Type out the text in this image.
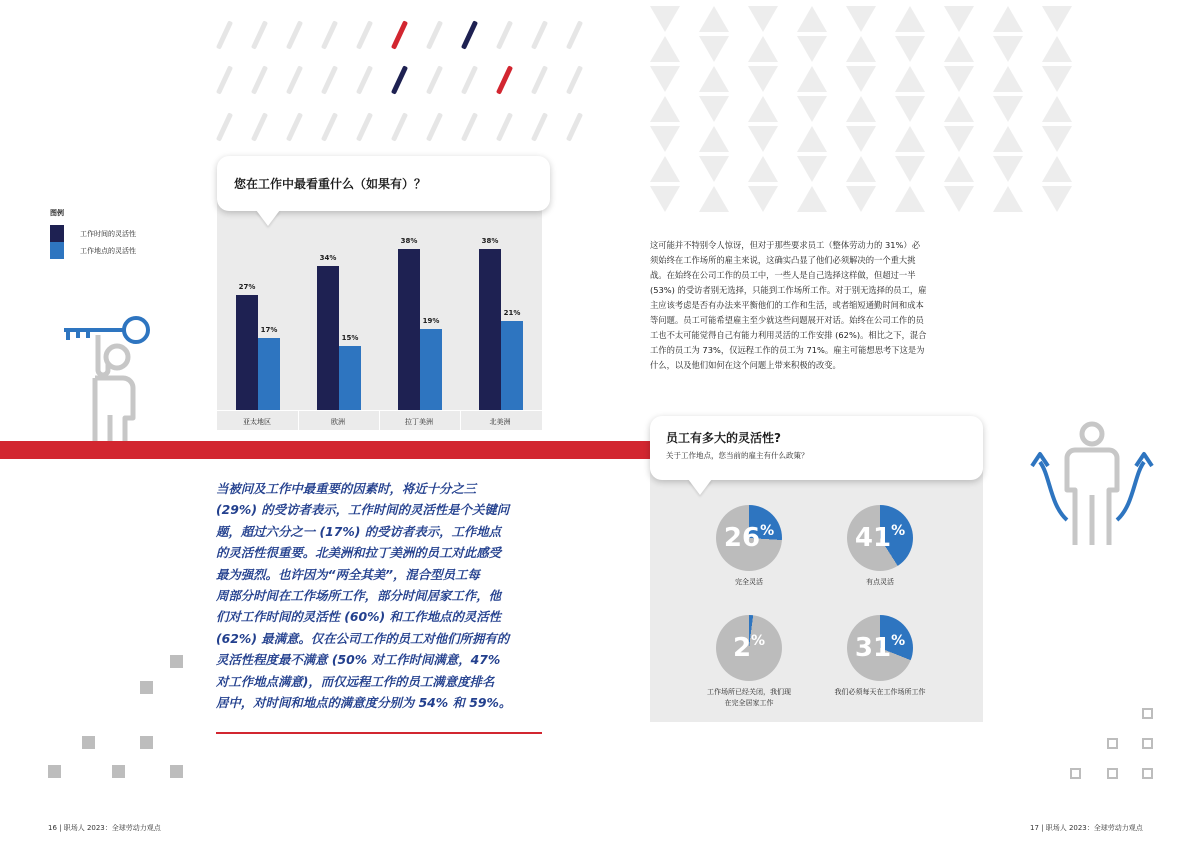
图例
工作时间的灵活性
工作地点的灵活性
27%
17%
34%
15%
38%
19%
38%
21%
亚太地区	欧洲	拉丁美洲	北美洲
您在工作中最看重什么（如果有）？
当被问及工作中最重要的因素时，将近十分之三
(29%) 的受访者表示，工作时间的灵活性是个关键问
题，超过六分之一 (17%) 的受访者表示，工作地点
的灵活性很重要。北美洲和拉丁美洲的员工对此感受
最为强烈。也许因为“两全其美”，混合型员工每
周部分时间在工作场所工作，部分时间居家工作，他
们对工作时间的灵活性 (60%) 和工作地点的灵活性
(62%) 最满意。仅在公司工作的员工对他们所拥有的
灵活性程度最不满意 (50% 对工作时间满意，47%
对工作地点满意)，而仅远程工作的员工满意度排名
居中，对时间和地点的满意度分别为 54% 和 59%。
这可能并不特别令人惊讶，但对于那些要求员工（整体劳动力的 31%）必
须始终在工作场所的雇主来说，这确实凸显了他们必须解决的一个重大挑
战。在始终在公司工作的员工中，一些人是自己选择这样做，但超过一半
(53%) 的受访者别无选择，只能到工作场所工作。对于别无选择的员工，雇
主应该考虑是否有办法来平衡他们的工作和生活，或者缩短通勤时间和成本
等问题。员工可能希望雇主至少就这些问题展开对话。始终在公司工作的员
工也不太可能觉得自己有能力利用灵活的工作安排 (62%)。相比之下，混合
工作的员工为 73%，仅远程工作的员工为 71%。雇主可能想思考下这是为
什么，以及他们如何在这个问题上带来积极的改变。
员工有多大的灵活性?
关于工作地点，您当前的雇主有什么政策？
26%
完全灵活
41%
有点灵活
2%
工作场所已经关闭，我们现在完全居家工作
31%
我们必须每天在工作场所工作
16 | 职场人 2023：全球劳动力观点	17 | 职场人 2023：全球劳动力观点
